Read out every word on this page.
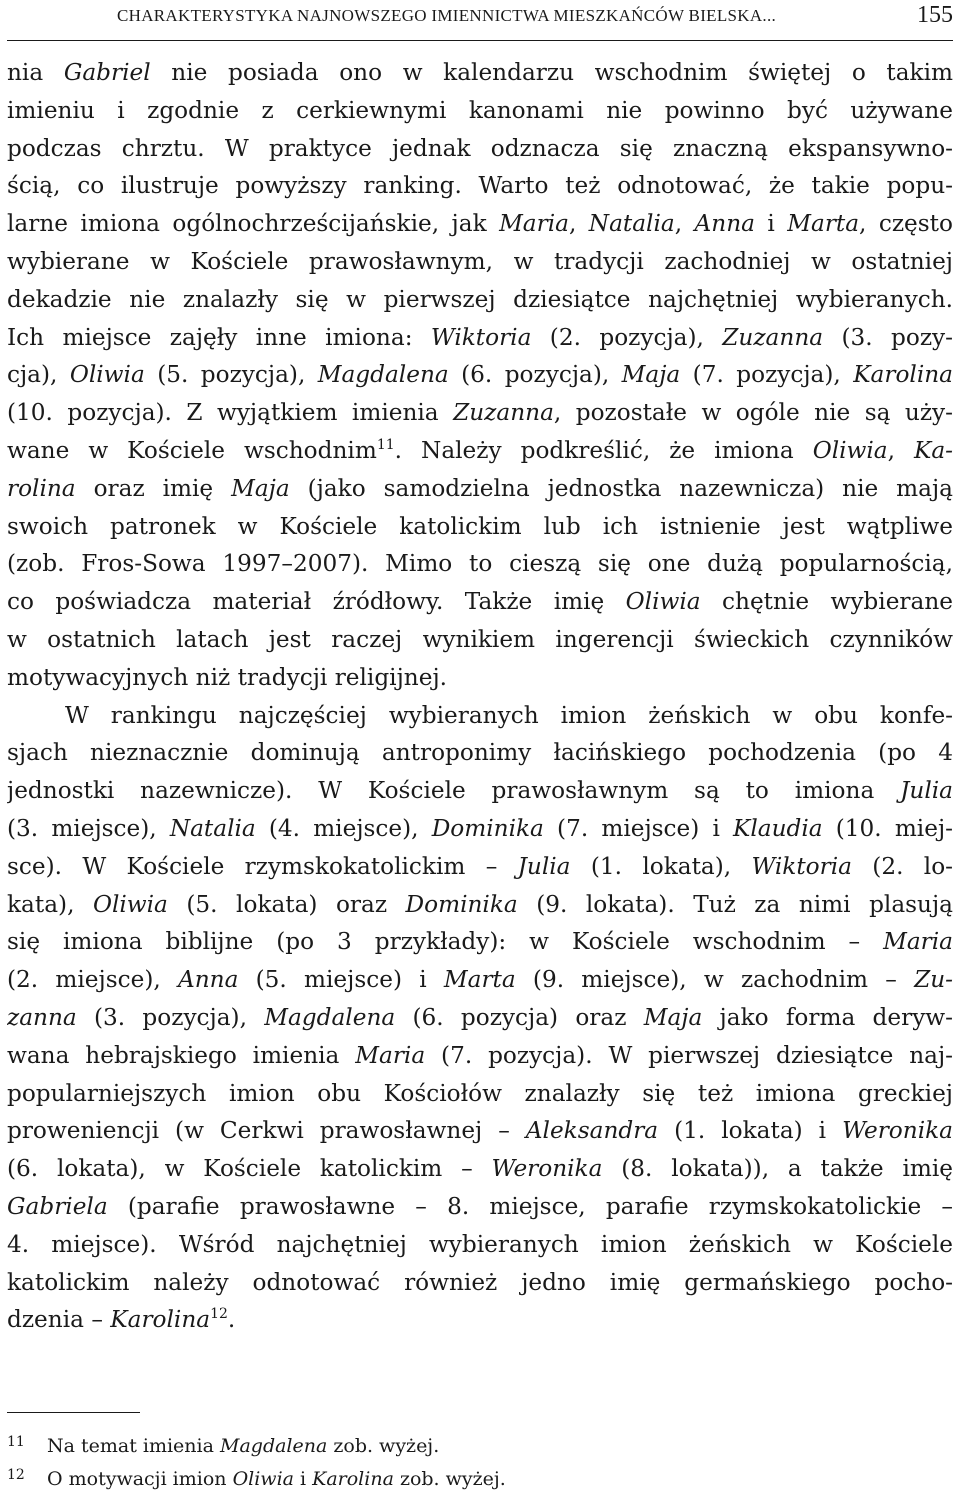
CHARAKTERYSTYKA NAJNOWSZEGO IMIENNICTWA MIESZKAŃCÓW BIELSKA...	155
nia Gabriel nie posiada ono w kalendarzu wschodnim świętej o takim
imieniu i zgodnie z cerkiewnymi kanonami nie powinno być używane
podczas chrztu. W praktyce jednak odznacza się znaczną ekspansywno-
ścią, co ilustruje powyższy ranking. Warto też odnotować, że takie popu-
larne imiona ogólnochrześcijańskie, jak Maria, Natalia, Anna i Marta, często
wybierane w Kościele prawosławnym, w tradycji zachodniej w ostatniej
dekadzie nie znalazły się w pierwszej dziesiątce najchętniej wybieranych.
Ich miejsce zajęły inne imiona: Wiktoria (2. pozycja), Zuzanna (3. pozy-
cja), Oliwia (5. pozycja), Magdalena (6. pozycja), Maja (7. pozycja), Karolina
(10. pozycja). Z wyjątkiem imienia Zuzanna, pozostałe w ogóle nie są uży-
wane w Kościele wschodnim$^{11}$. Należy podkreślić, że imiona Oliwia, Ka-
rolina oraz imię Maja (jako samodzielna jednostka nazewnicza) nie mają
swoich patronek w Kościele katolickim lub ich istnienie jest wątpliwe
(zob. Fros-Sowa 1997–2007). Mimo to cieszą się one dużą popularnością,
co poświadcza materiał źródłowy. Także imię Oliwia chętnie wybierane
w ostatnich latach jest raczej wynikiem ingerencji świeckich czynników
motywacyjnych niż tradycji religijnej.
W rankingu najczęściej wybieranych imion żeńskich w obu konfe-
sjach nieznacznie dominują antroponimy łacińskiego pochodzenia (po 4
jednostki nazewnicze). W Kościele prawosławnym są to imiona Julia
(3. miejsce), Natalia (4. miejsce), Dominika (7. miejsce) i Klaudia (10. miej-
sce). W Kościele rzymskokatolickim – Julia (1. lokata), Wiktoria (2. lo-
kata), Oliwia (5. lokata) oraz Dominika (9. lokata). Tuż za nimi plasują
się imiona biblijne (po 3 przykłady): w Kościele wschodnim – Maria
(2. miejsce), Anna (5. miejsce) i Marta (9. miejsce), w zachodnim – Zu-
zanna (3. pozycja), Magdalena (6. pozycja) oraz Maja jako forma deryw-
wana hebrajskiego imienia Maria (7. pozycja). W pierwszej dziesiątce naj-
popularniejszych imion obu Kościołów znalazły się też imiona greckiej
proweniencji (w Cerkwi prawosławnej – Aleksandra (1. lokata) i Weronika
(6. lokata), w Kościele katolickim – Weronika (8. lokata)), a także imię
Gabriela (parafie prawosławne – 8. miejsce, parafie rzymskokatolickie –
4. miejsce). Wśród najchętniej wybieranych imion żeńskich w Kościele
katolickim należy odnotować również jedno imię germańskiego pocho-
dzenia – Karolina$^{12}$.
11 Na temat imienia Magdalena zob. wyżej.
12 O motywacji imion Oliwia i Karolina zob. wyżej.
